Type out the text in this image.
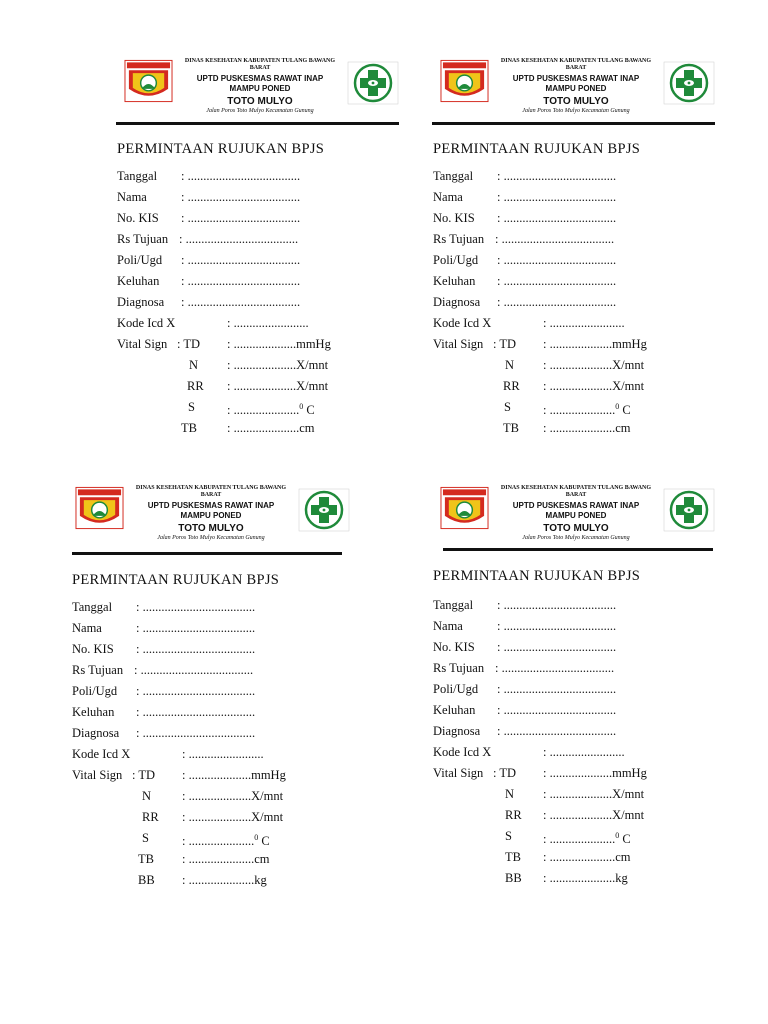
DINAS KESEHATAN KABUPATEN TULANG BAWANG BARAT
UPTD PUSKESMAS RAWAT INAP
MAMPU PONED
TOTO MULYO
Jalan Poros Toto Mulyo Kecamatan Gunung
PERMINTAAN RUJUKAN BPJS
Tanggal : ....................................
Nama	: ....................................
No. KIS : ....................................
Rs Tujuan : ....................................
Poli/Ugd : ....................................
Keluhan : ....................................
Diagnosa : ....................................
Kode Icd X	: ........................
Vital Sign : TD : ....................mmHg
N : ....................X/mnt
RR : ....................X/mnt
S	: .....................$^0$ C
TB : .....................cm
DINAS KESEHATAN KABUPATEN TULANG BAWANG BARAT
UPTD PUSKESMAS RAWAT INAP
MAMPU PONED
TOTO MULYO
Jalan Poros Toto Mulyo Kecamatan Gunung
PERMINTAAN RUJUKAN BPJS
Tanggal : ....................................
Nama	: ....................................
No. KIS : ....................................
Rs Tujuan : ....................................
Poli/Ugd : ....................................
Keluhan : ....................................
Diagnosa : ....................................
Kode Icd X	: ........................
Vital Sign : TD : ....................mmHg
N : ....................X/mnt
RR : ....................X/mnt
S	: .....................$^0$ C
TB : .....................cm
DINAS KESEHATAN KABUPATEN TULANG BAWANG BARAT
UPTD PUSKESMAS RAWAT INAP
MAMPU PONED
TOTO MULYO
Jalan Poros Toto Mulyo Kecamatan Gunung
PERMINTAAN RUJUKAN BPJS
Tanggal : ....................................
Nama	: ....................................
No. KIS : ....................................
Rs Tujuan : ....................................
Poli/Ugd : ....................................
Keluhan : ....................................
Diagnosa : ....................................
Kode Icd X	: ........................
Vital Sign : TD : ....................mmHg
N : ....................X/mnt
RR : ....................X/mnt
S	: .....................$^0$ C
TB : .....................cm
BB : .....................kg
DINAS KESEHATAN KABUPATEN TULANG BAWANG BARAT
UPTD PUSKESMAS RAWAT INAP
MAMPU PONED
TOTO MULYO
Jalan Poros Toto Mulyo Kecamatan Gunung
PERMINTAAN RUJUKAN BPJS
Tanggal : ....................................
Nama	: ....................................
No. KIS : ....................................
Rs Tujuan : ....................................
Poli/Ugd : ....................................
Keluhan : ....................................
Diagnosa : ....................................
Kode Icd X	: ........................
Vital Sign : TD : ....................mmHg
N : ....................X/mnt
RR : ....................X/mnt
S : .....................$^0$ C
TB : .....................cm
BB : .....................kg
